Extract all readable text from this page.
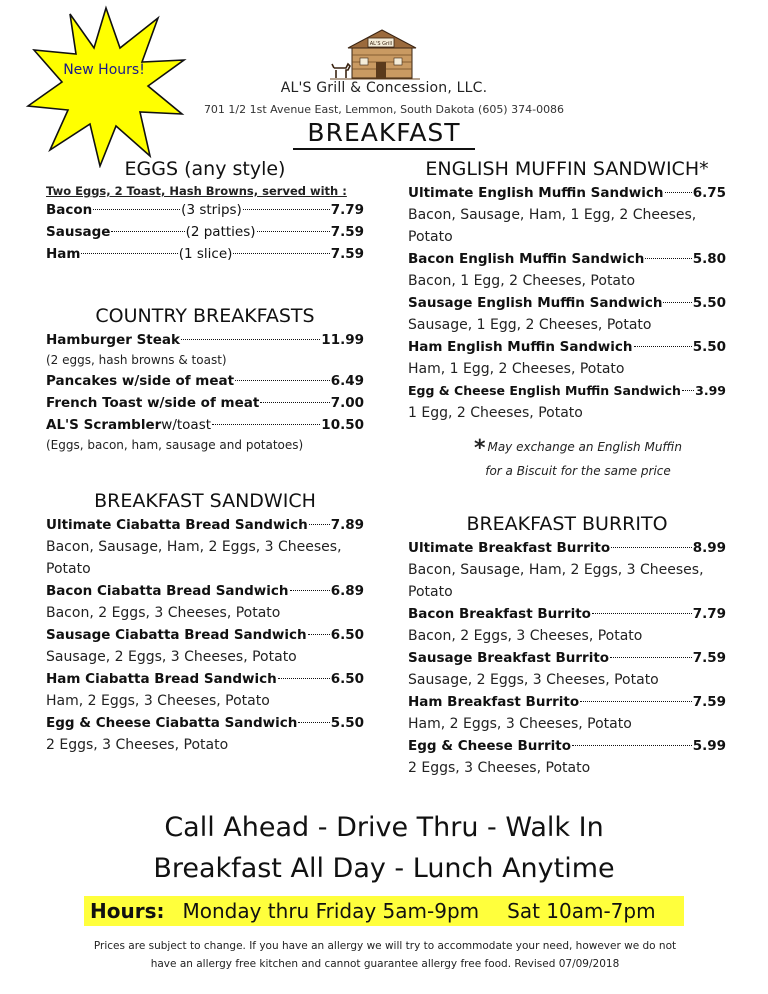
New Hours!
AL'S Grill
AL'S Grill & Concession, LLC.
701 1/2 1st Avenue East, Lemmon, South Dakota (605) 374-0086
BREAKFAST
EGGS (any style)
Two Eggs, 2 Toast, Hash Browns, served with :
Bacon	(3 strips)	7.79
Sausage	(2 patties)	7.59
Ham	(1 slice)	7.59
COUNTRY BREAKFASTS
Hamburger Steak	11.99
(2 eggs, hash browns & toast)
Pancakes w/side of meat	6.49
French Toast w/side of meat	7.00
AL'S Scrambler w/toast	10.50
(Eggs, bacon, ham, sausage and potatoes)
BREAKFAST SANDWICH
Ultimate Ciabatta Bread Sandwich 7.89
Bacon, Sausage, Ham, 2 Eggs, 3 Cheeses, Potato
Bacon Ciabatta Bread Sandwich	6.89
Bacon, 2 Eggs, 3 Cheeses, Potato
Sausage Ciabatta Bread Sandwich 6.50
Sausage, 2 Eggs, 3 Cheeses, Potato
Ham Ciabatta Bread Sandwich	6.50
Ham, 2 Eggs, 3 Cheeses, Potato
Egg & Cheese Ciabatta Sandwich 5.50
2 Eggs, 3 Cheeses, Potato
ENGLISH MUFFIN SANDWICH*
Ultimate English Muffin Sandwich 6.75
Bacon, Sausage, Ham, 1 Egg, 2 Cheeses, Potato
Bacon English Muffin Sandwich	5.80
Bacon, 1 Egg, 2 Cheeses, Potato
Sausage English Muffin Sandwich 5.50
Sausage, 1 Egg, 2 Cheeses, Potato
Ham English Muffin Sandwich	5.50
Ham, 1 Egg, 2 Cheeses, Potato
Egg & Cheese English Muffin Sandwich 3.99
1 Egg, 2 Cheeses, Potato
* May exchange an English Muffin
for a Biscuit for the same price
BREAKFAST BURRITO
Ultimate Breakfast Burrito	8.99
Bacon, Sausage, Ham, 2 Eggs, 3 Cheeses, Potato
Bacon Breakfast Burrito	7.79
Bacon, 2 Eggs, 3 Cheeses, Potato
Sausage Breakfast Burrito	7.59
Sausage, 2 Eggs, 3 Cheeses, Potato
Ham Breakfast Burrito	7.59
Ham, 2 Eggs, 3 Cheeses, Potato
Egg & Cheese Burrito	5.99
2 Eggs, 3 Cheeses, Potato
Call Ahead - Drive Thru - Walk In
Breakfast All Day - Lunch Anytime
Hours: Monday thru Friday 5am-9pm Sat 10am-7pm
Prices are subject to change. If you have an allergy we will try to accommodate your need, however we do not
have an allergy free kitchen and cannot guarantee allergy free food. Revised 07/09/2018
